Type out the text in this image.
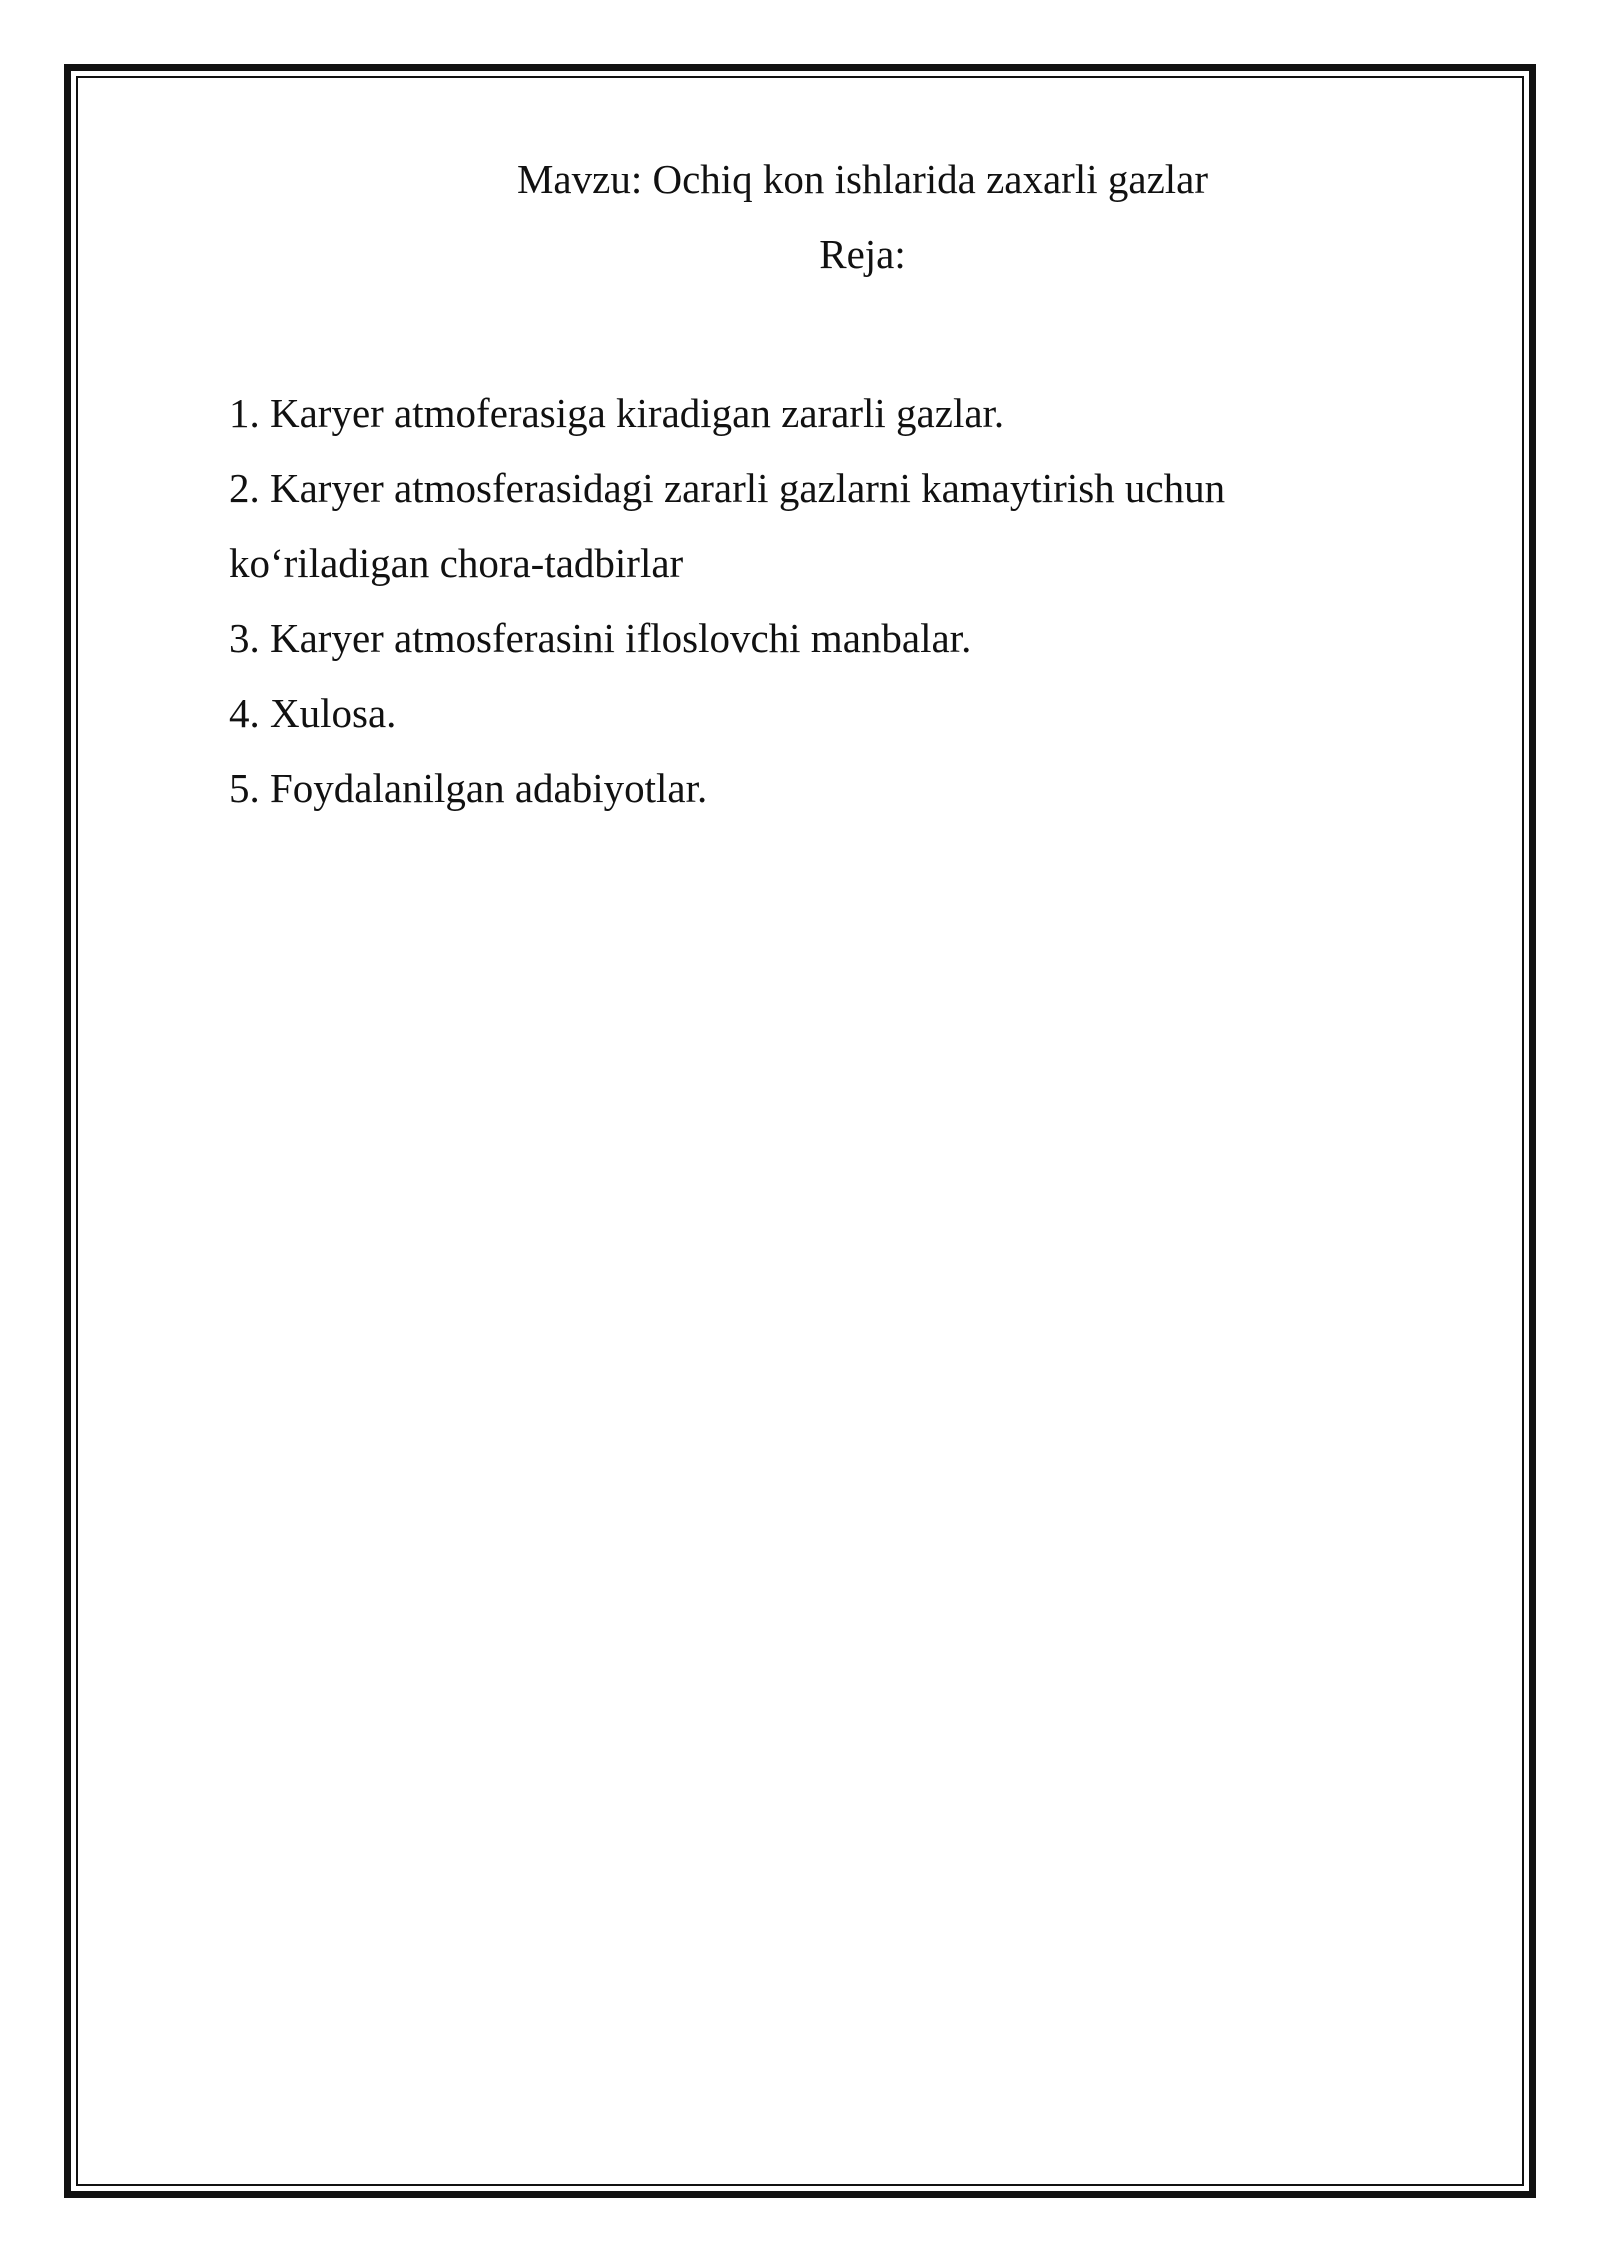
Mavzu: Ochiq kon ishlarida zaxarli gazlar
Reja:
1. Karyer atmoferasiga kiradigan zararli gazlar.
2. Karyer atmosferasidagi zararli gazlarni kamaytirish uchun ko‘riladigan chora-tadbirlar
3. Karyer atmosferasini ifloslovchi manbalar.
4. Xulosa.
5. Foydalanilgan adabiyotlar.
